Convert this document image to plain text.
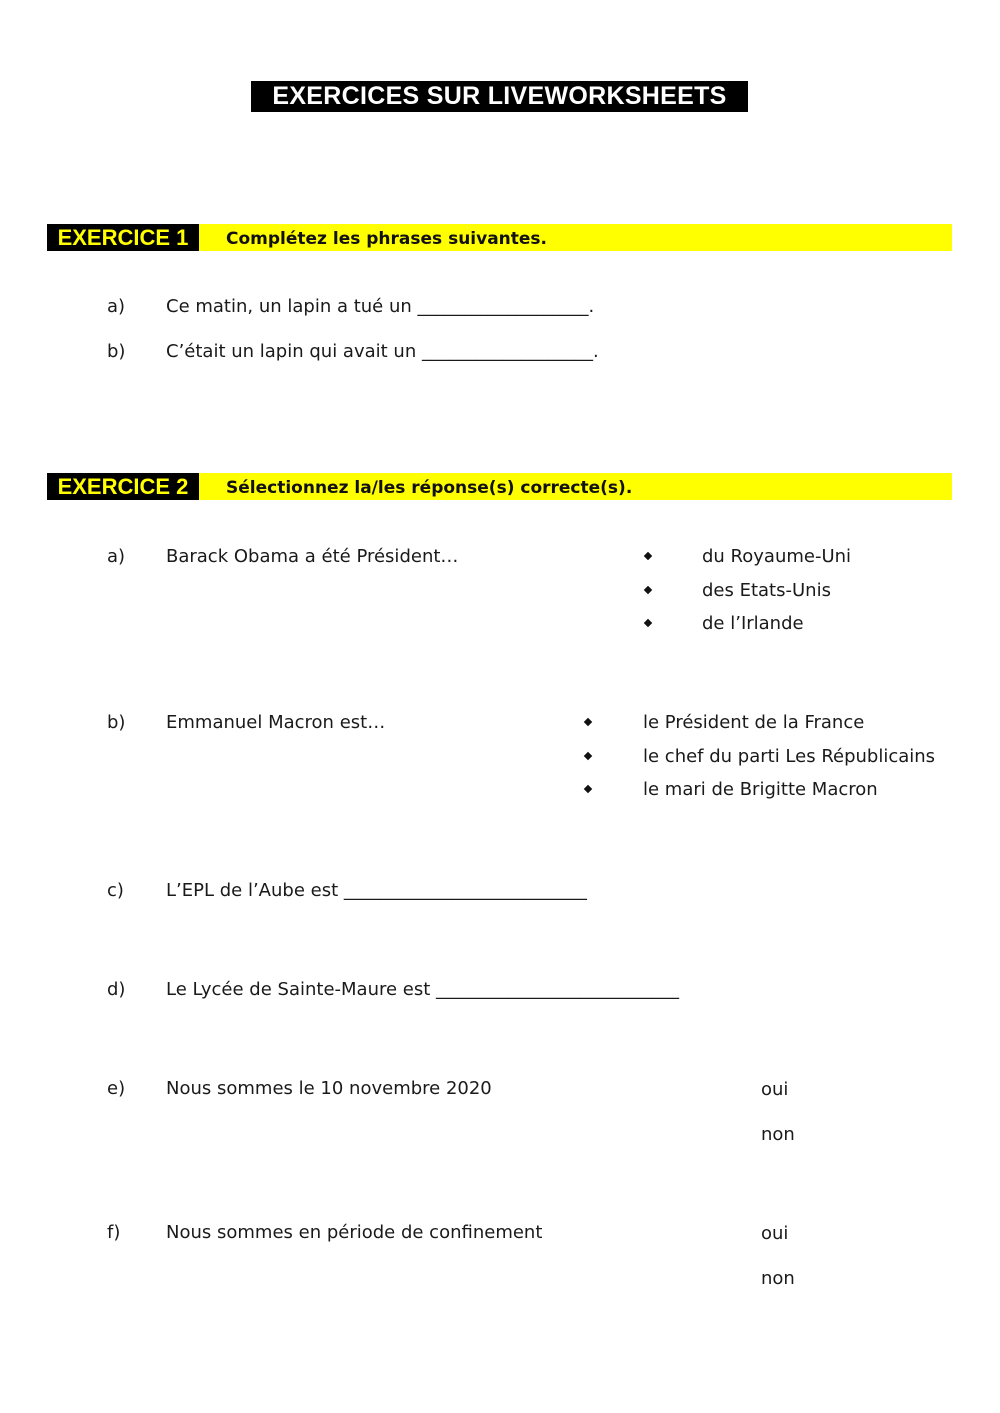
EXERCICES SUR LIVEWORKSHEETS
EXERCICE 1	Complétez les phrases suivantes.
a) Ce matin, un lapin a tué un ___________________.
b) C’était un lapin qui avait un ___________________.
EXERCICE 2	Sélectionnez la/les réponse(s) correcte(s).
a) Barack Obama a été Président…	du Royaume-Uni
des Etats-Unis
de l’Irlande
b) Emmanuel Macron est…	le Président de la France
le chef du parti Les Républicains
le mari de Brigitte Macron
c) L’EPL de l’Aube est ___________________________
d) Le Lycée de Sainte-Maure est ___________________________
e) Nous sommes le 10 novembre 2020	oui
non
f)	Nous sommes en période de confinement	oui
non
